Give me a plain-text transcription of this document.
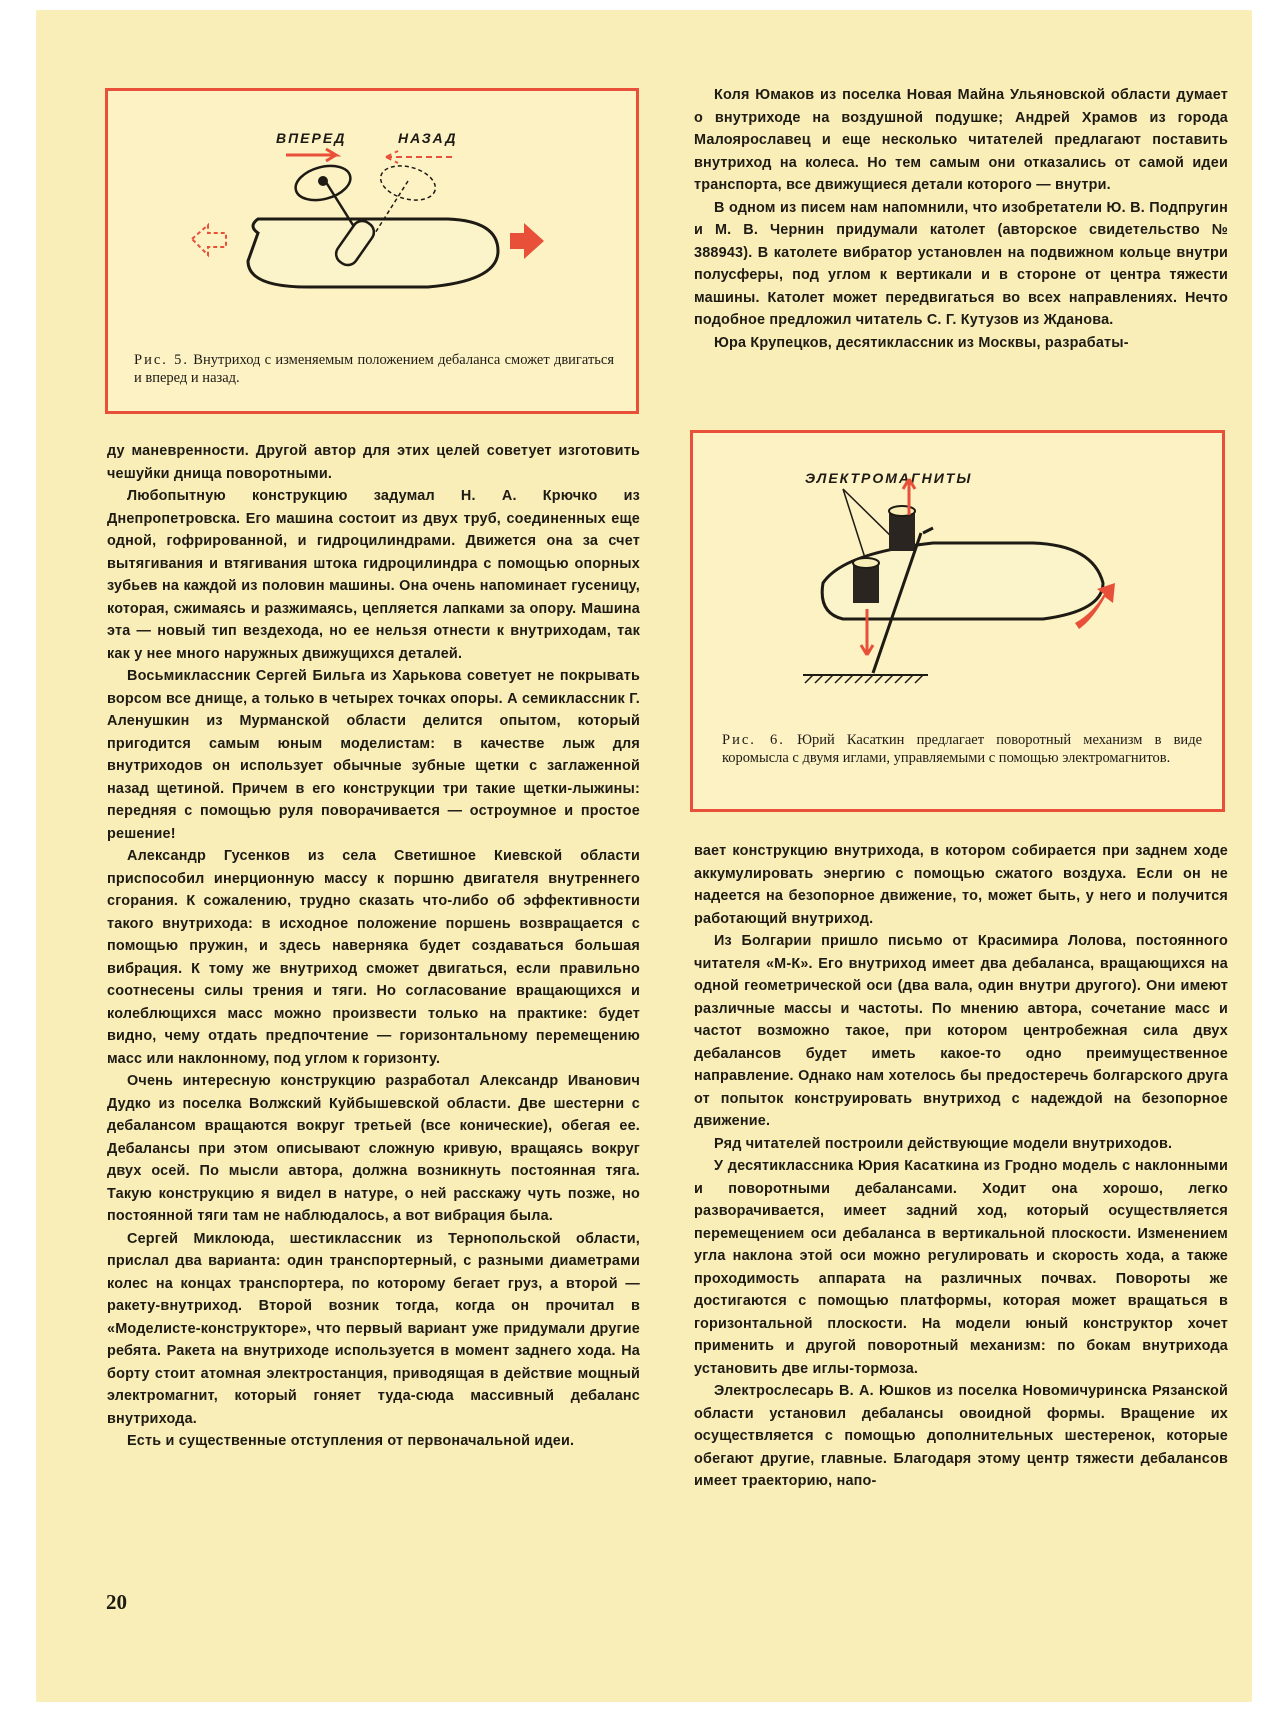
ВПЕРЕД	НАЗАД
Рис. 5. Внутриход с изменяемым положением дебаланса сможет двигаться и вперед и назад.

Коля Юмаков из поселка Новая Майна Ульяновской области думает о внутриходе на воздушной подушке; Андрей Храмов из города Малоярославец и еще несколько читателей предлагают поставить внутриход на колеса. Но тем самым они отказались от самой идеи транспорта, все движущиеся детали которого — внутри.

В одном из писем нам напомнили, что изобретатели Ю. В. Подпругин и М. В. Чернин придумали католет (авторское свидетельство № 388943). В католете вибратор установлен на подвижном кольце внутри полусферы, под углом к вертикали и в стороне от центра тяжести машины. Католет может передвигаться во всех направлениях. Нечто подобное предложил читатель С. Г. Кутузов из Жданова.

Юра Крупецков, десятиклассник из Москвы, разрабаты-

ЭЛЕКТРОМАГНИТЫ
Рис. 6. Юрий Касаткин предлагает поворотный механизм в виде коромысла с двумя иглами, управляемыми с помощью электромагнитов.

ду маневренности. Другой автор для этих целей советует изготовить чешуйки днища поворотными.

Любопытную конструкцию задумал Н. А. Крючко из Днепропетровска. Его машина состоит из двух труб, соединенных еще одной, гофрированной, и гидроцилиндрами. Движется она за счет вытягивания и втягивания штока гидроцилиндра с помощью опорных зубьев на каждой из половин машины. Она очень напоминает гусеницу, которая, сжимаясь и разжимаясь, цепляется лапками за опору. Машина эта — новый тип вездехода, но ее нельзя отнести к внутриходам, так как у нее много наружных движущихся деталей.

Восьмиклассник Сергей Бильга из Харькова советует не покрывать ворсом все днище, а только в четырех точках опоры. А семиклассник Г. Аленушкин из Мурманской области делится опытом, который пригодится самым юным моделистам: в качестве лыж для внутриходов он использует обычные зубные щетки с заглаженной назад щетиной. Причем в его конструкции три такие щетки-лыжины: передняя с помощью руля поворачивается — остроумное и простое решение!

Александр Гусенков из села Светишное Киевской области приспособил инерционную массу к поршню двигателя внутреннего сгорания. К сожалению, трудно сказать что-либо об эффективности такого внутрихода: в исходное положение поршень возвращается с помощью пружин, и здесь наверняка будет создаваться большая вибрация. К тому же внутриход сможет двигаться, если правильно соотнесены силы трения и тяги. Но согласование вращающихся и колеблющихся масс можно произвести только на практике: будет видно, чему отдать предпочтение — горизонтальному перемещению масс или наклонному, под углом к горизонту.

Очень интересную конструкцию разработал Александр Иванович Дудко из поселка Волжский Куйбышевской области. Две шестерни с дебалансом вращаются вокруг третьей (все конические), обегая ее. Дебалансы при этом описывают сложную кривую, вращаясь вокруг двух осей. По мысли автора, должна возникнуть постоянная тяга. Такую конструкцию я видел в натуре, о ней расскажу чуть позже, но постоянной тяги там не наблюдалось, а вот вибрация была.

Сергей Миклоюда, шестиклассник из Тернопольской области, прислал два варианта: один транспортерный, с разными диаметрами колес на концах транспортера, по которому бегает груз, а второй — ракету-внутриход. Второй возник тогда, когда он прочитал в «Моделисте-конструкторе», что первый вариант уже придумали другие ребята. Ракета на внутриходе используется в момент заднего хода. На борту стоит атомная электростанция, приводящая в действие мощный электромагнит, который гоняет туда-сюда массивный дебаланс внутрихода.

Есть и существенные отступления от первоначальной идеи.

вает конструкцию внутрихода, в котором собирается при заднем ходе аккумулировать энергию с помощью сжатого воздуха. Если он не надеется на безопорное движение, то, может быть, у него и получится работающий внутриход.

Из Болгарии пришло письмо от Красимира Лолова, постоянного читателя «М-К». Его внутриход имеет два дебаланса, вращающихся на одной геометрической оси (два вала, один внутри другого). Они имеют различные массы и частоты. По мнению автора, сочетание масс и частот возможно такое, при котором центробежная сила двух дебалансов будет иметь какое-то одно преимущественное направление. Однако нам хотелось бы предостеречь болгарского друга от попыток конструировать внутриход с надеждой на безопорное движение.

Ряд читателей построили действующие модели внутриходов.

У десятиклассника Юрия Касаткина из Гродно модель с наклонными и поворотными дебалансами. Ходит она хорошо, легко разворачивается, имеет задний ход, который осуществляется перемещением оси дебаланса в вертикальной плоскости. Изменением угла наклона этой оси можно регулировать и скорость хода, а также проходимость аппарата на различных почвах. Повороты же достигаются с помощью платформы, которая может вращаться в горизонтальной плоскости. На модели юный конструктор хочет применить и другой поворотный механизм: по бокам внутрихода установить две иглы-тормоза.

Электрослесарь В. А. Юшков из поселка Новомичуринска Рязанской области установил дебалансы овоидной формы. Вращение их осуществляется с помощью дополнительных шестеренок, которые обегают другие, главные. Благодаря этому центр тяжести дебалансов имеет траекторию, напо-

20
